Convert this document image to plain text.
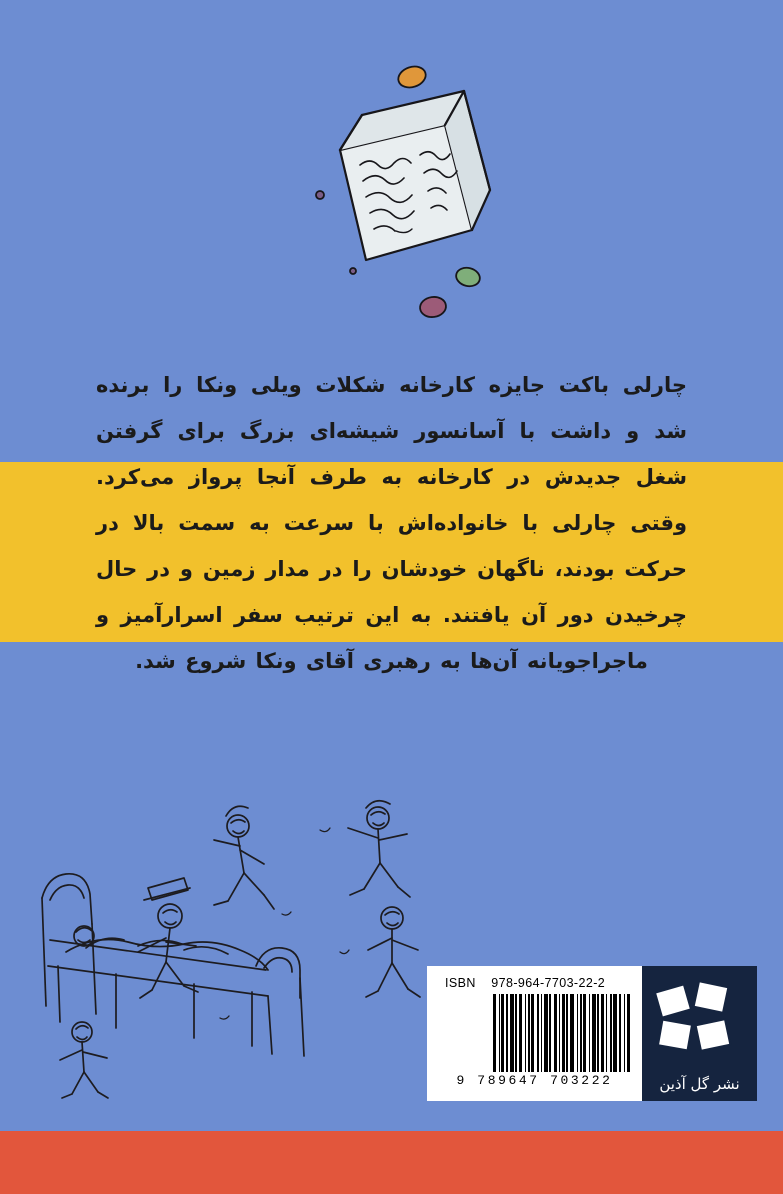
چارلی باکت جایزه کارخانه شکلات ویلی ونکا را برنده شد و داشت با آسانسور شیشه‌ای بزرگ برای گرفتن شغل جدیدش در کارخانه به طرف آنجا پرواز می‌کرد. وقتی چارلی با خانواده‌اش با سرعت به سمت بالا در حرکت بودند، ناگهان خودشان را در مدار زمین و در حال چرخیدن دور آن یافتند. به این ترتیب سفر اسرارآمیز و ماجراجویانه آن‌ها به رهبری آقای ونکا شروع شد.

ISBN 978-964-7703-22-2
9 789647 703222	نشر گل آذین
